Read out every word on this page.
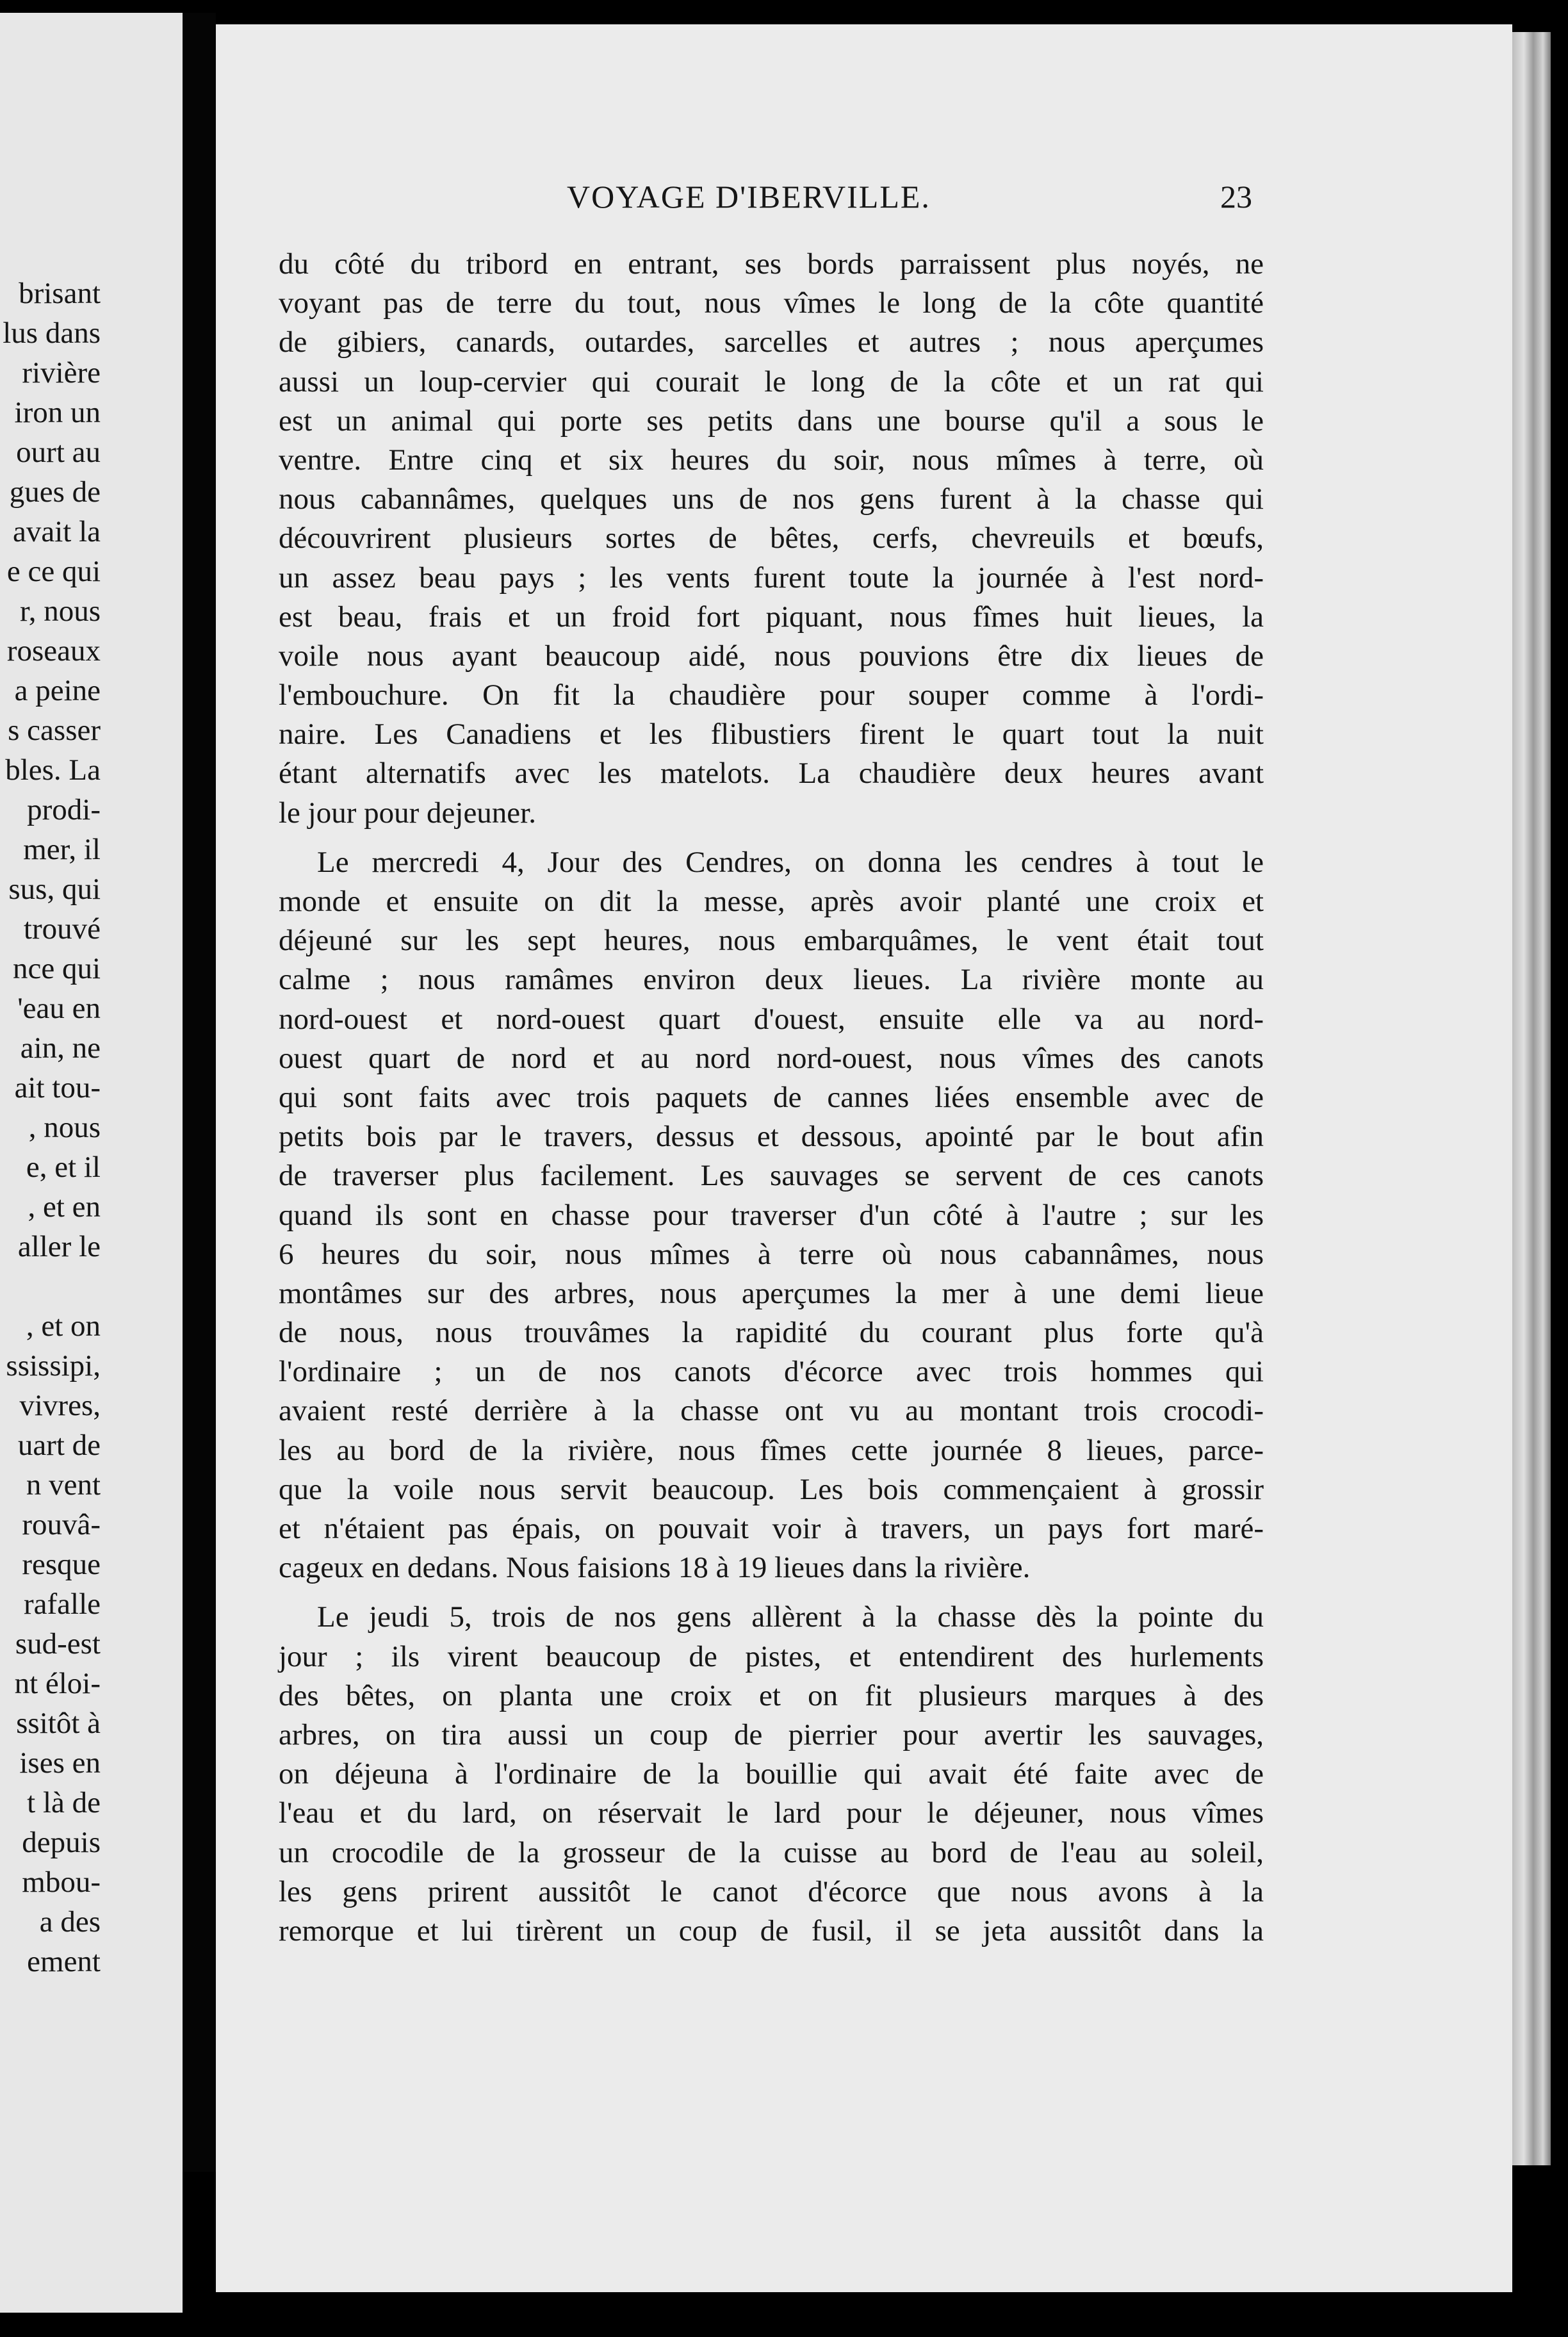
brisant
lus dans
rivière
iron un
ourt au
gues de
avait la
e ce qui
r, nous
roseaux
a peine
s casser
bles. La
prodi-
mer, il
sus, qui
trouvé
nce qui
'eau en
ain, ne
ait tou-
, nous
e, et il
, et en
aller le
, et on
ssissipi,
vivres,
uart de
n vent
rouvâ-
resque
rafalle
sud-est
nt éloi-
ssitôt à
ises en
t là de
depuis
mbou-
a des
ement
VOYAGE D'IBERVILLE.	23
du côté du tribord en entrant, ses bords parraissent plus noyés, ne
voyant pas de terre du tout, nous vîmes le long de la côte quantité
de gibiers, canards, outardes, sarcelles et autres ; nous aperçumes
aussi un loup-cervier qui courait le long de la côte et un rat qui
est un animal qui porte ses petits dans une bourse qu'il a sous le
ventre. Entre cinq et six heures du soir, nous mîmes à terre, où
nous cabannâmes, quelques uns de nos gens furent à la chasse qui
découvrirent plusieurs sortes de bêtes, cerfs, chevreuils et bœufs,
un assez beau pays ; les vents furent toute la journée à l'est nord-
est beau, frais et un froid fort piquant, nous fîmes huit lieues, la
voile nous ayant beaucoup aidé, nous pouvions être dix lieues de
l'embouchure. On fit la chaudière pour souper comme à l'ordi-
naire. Les Canadiens et les flibustiers firent le quart tout la nuit
étant alternatifs avec les matelots. La chaudière deux heures avant
le jour pour dejeuner.
Le mercredi 4, Jour des Cendres, on donna les cendres à tout le
monde et ensuite on dit la messe, après avoir planté une croix et
déjeuné sur les sept heures, nous embarquâmes, le vent était tout
calme ; nous ramâmes environ deux lieues. La rivière monte au
nord-ouest et nord-ouest quart d'ouest, ensuite elle va au nord-
ouest quart de nord et au nord nord-ouest, nous vîmes des canots
qui sont faits avec trois paquets de cannes liées ensemble avec de
petits bois par le travers, dessus et dessous, apointé par le bout afin
de traverser plus facilement. Les sauvages se servent de ces canots
quand ils sont en chasse pour traverser d'un côté à l'autre ; sur les
6 heures du soir, nous mîmes à terre où nous cabannâmes, nous
montâmes sur des arbres, nous aperçumes la mer à une demi lieue
de nous, nous trouvâmes la rapidité du courant plus forte qu'à
l'ordinaire ; un de nos canots d'écorce avec trois hommes qui
avaient resté derrière à la chasse ont vu au montant trois crocodi-
les au bord de la rivière, nous fîmes cette journée 8 lieues, parce-
que la voile nous servit beaucoup. Les bois commençaient à grossir
et n'étaient pas épais, on pouvait voir à travers, un pays fort maré-
cageux en dedans. Nous faisions 18 à 19 lieues dans la rivière.
Le jeudi 5, trois de nos gens allèrent à la chasse dès la pointe du
jour ; ils virent beaucoup de pistes, et entendirent des hurlements
des bêtes, on planta une croix et on fit plusieurs marques à des
arbres, on tira aussi un coup de pierrier pour avertir les sauvages,
on déjeuna à l'ordinaire de la bouillie qui avait été faite avec de
l'eau et du lard, on réservait le lard pour le déjeuner, nous vîmes
un crocodile de la grosseur de la cuisse au bord de l'eau au soleil,
les gens prirent aussitôt le canot d'écorce que nous avons à la
remorque et lui tirèrent un coup de fusil, il se jeta aussitôt dans la
